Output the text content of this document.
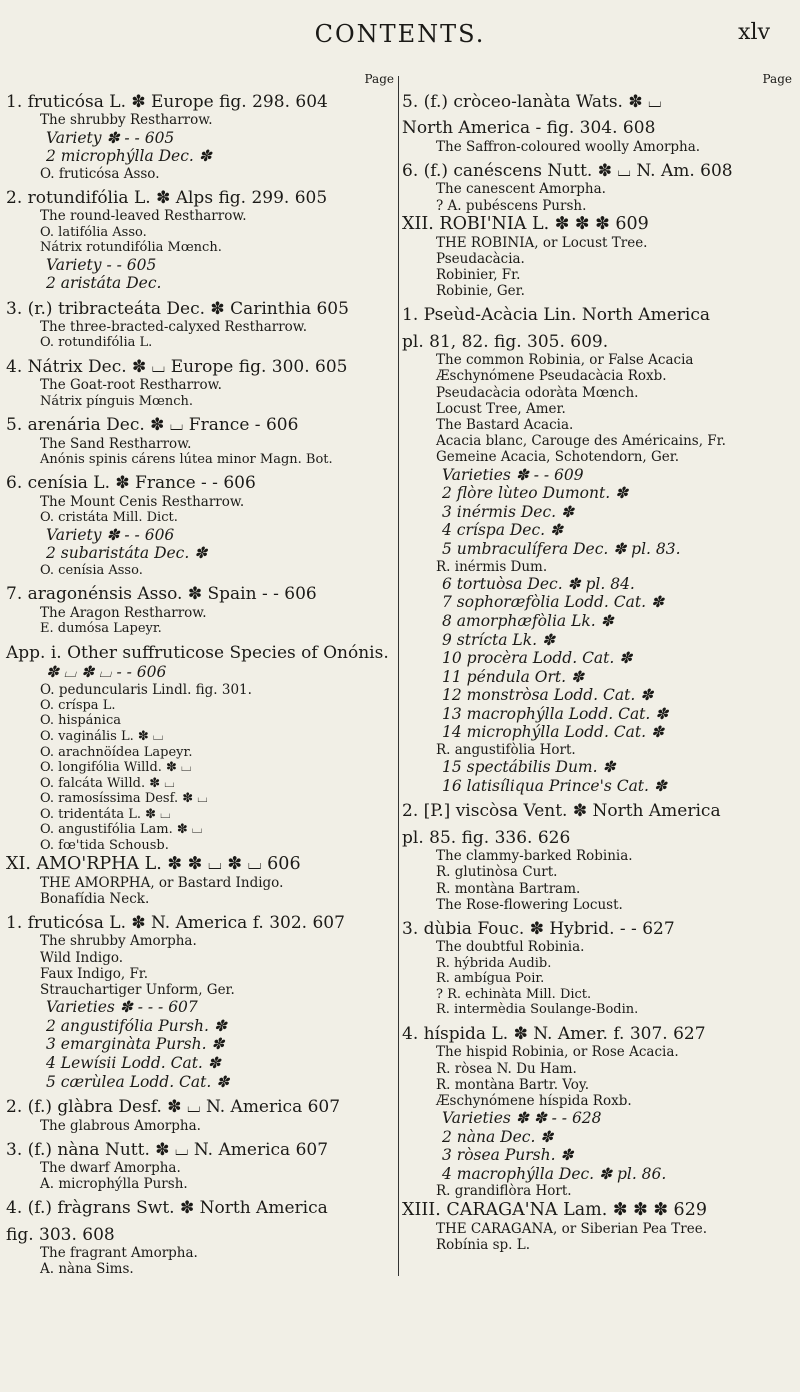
CONTENTS.	xlv
Page
1. fruticósa L. ✽ Europe fig. 298. 604
The shrubby Restharrow.
Variety ✽ - - 605
2 microphýlla Dec. ✽
O. fruticósa Asso.
2. rotundifólia L. ✽ Alps fig. 299. 605
The round-leaved Restharrow.
O. latifólia Asso.
Nátrix rotundifólia Mœnch.
Variety - - 605
2 aristáta Dec.
3. (r.) tribracteáta Dec. ✽ Carinthia 605
The three-bracted-calyxed Restharrow.
O. rotundifólia L.
4. Nátrix Dec. ✽ ⌴ Europe fig. 300. 605
The Goat-root Restharrow.
Nátrix pínguis Mœnch.
5. arenária Dec. ✽ ⌴ France - 606
The Sand Restharrow.
Anónis spinis cárens lútea minor Magn. Bot.
6. cenísia L. ✽ France - - 606
The Mount Cenis Restharrow.
O. cristáta Mill. Dict.
Variety ✽ - - 606
2 subaristáta Dec. ✽
O. cenísia Asso.
7. aragonénsis Asso. ✽ Spain - - 606
The Aragon Restharrow.
E. dumósa Lapeyr.
App. i. Other suffruticose Species of Onónis.
✽ ⌴ ✽ ⌴ - - 606
O. peduncularis Lindl. fig. 301.
O. críspa L.
O. hispánica
O. vaginális L. ✽ ⌴
O. arachnöídea Lapeyr.
O. longifólia Willd. ✽ ⌴
O. falcáta Willd. ✽ ⌴
O. ramosíssima Desf. ✽ ⌴
O. tridentáta L. ✽ ⌴
O. angustifólia Lam. ✽ ⌴
O. fœ'tida Schousb.
XI. AMO'RPHA L. ✽ ✽ ⌴ ✽ ⌴ 606
THE AMORPHA, or Bastard Indigo.
Bonafídia Neck.
1. fruticósa L. ✽ N. America f. 302. 607
The shrubby Amorpha.
Wild Indigo.
Faux Indigo, Fr.
Strauchartiger Unform, Ger.
Varieties ✽ - - - 607
2 angustifólia Pursh. ✽
3 emarginàta Pursh. ✽
4 Lewísii Lodd. Cat. ✽
5 cærùlea Lodd. Cat. ✽
2. (f.) glàbra Desf. ✽ ⌴ N. America 607
The glabrous Amorpha.
3. (f.) nàna Nutt. ✽ ⌴ N. America 607
The dwarf Amorpha.
A. microphýlla Pursh.
4. (f.) fràgrans Swt. ✽ North America
fig. 303. 608
The fragrant Amorpha.
A. nàna Sims.
Page
5. (f.) cròceo-lanàta Wats. ✽ ⌴
North America - fig. 304. 608
The Saffron-coloured woolly Amorpha.
6. (f.) canéscens Nutt. ✽ ⌴ N. Am. 608
The canescent Amorpha.
? A. pubéscens Pursh.
XII. ROBI'NIA L. ✽ ✽ ✽ 609
THE ROBINIA, or Locust Tree.
Pseudacàcia.
Robinier, Fr.
Robinie, Ger.
1. Pseùd-Acàcia Lin. North America
pl. 81, 82. fig. 305. 609.
The common Robinia, or False Acacia
Æschynómene Pseudacàcia Roxb.
Pseudacàcia odoràta Mœnch.
Locust Tree, Amer.
The Bastard Acacia.
Acacia blanc, Carouge des Américains, Fr.
Gemeine Acacia, Schotendorn, Ger.
Varieties ✽ - - 609
2 flòre lùteo Dumont. ✽
3 inérmis Dec. ✽
4 críspa Dec. ✽
5 umbraculífera Dec. ✽ pl. 83.
R. inérmis Dum.
6 tortuòsa Dec. ✽ pl. 84.
7 sophoræfòlia Lodd. Cat. ✽
8 amorphæfòlia Lk. ✽
9 strícta Lk. ✽
10 procèra Lodd. Cat. ✽
11 péndula Ort. ✽
12 monstròsa Lodd. Cat. ✽
13 macrophýlla Lodd. Cat. ✽
14 microphýlla Lodd. Cat. ✽
R. angustifòlia Hort.
15 spectábilis Dum. ✽
16 latisíliqua Prince's Cat. ✽
2. [P.] viscòsa Vent. ✽ North America
pl. 85. fig. 336. 626
The clammy-barked Robinia.
R. glutinòsa Curt.
R. montàna Bartram.
The Rose-flowering Locust.
3. dùbia Fouc. ✽ Hybrid. - - 627
The doubtful Robinia.
R. hýbrida Audib.
R. ambígua Poir.
? R. echinàta Mill. Dict.
R. intermèdia Soulange-Bodin.
4. híspida L. ✽ N. Amer. f. 307. 627
The hispid Robinia, or Rose Acacia.
R. ròsea N. Du Ham.
R. montàna Bartr. Voy.
Æschynómene híspida Roxb.
Varieties ✽ ✽ - - 628
2 nàna Dec. ✽
3 ròsea Pursh. ✽
4 macrophýlla Dec. ✽ pl. 86.
R. grandiflòra Hort.
XIII. CARAGA'NA Lam. ✽ ✽ ✽ 629
THE CARAGANA, or Siberian Pea Tree.
Robínia sp. L.
